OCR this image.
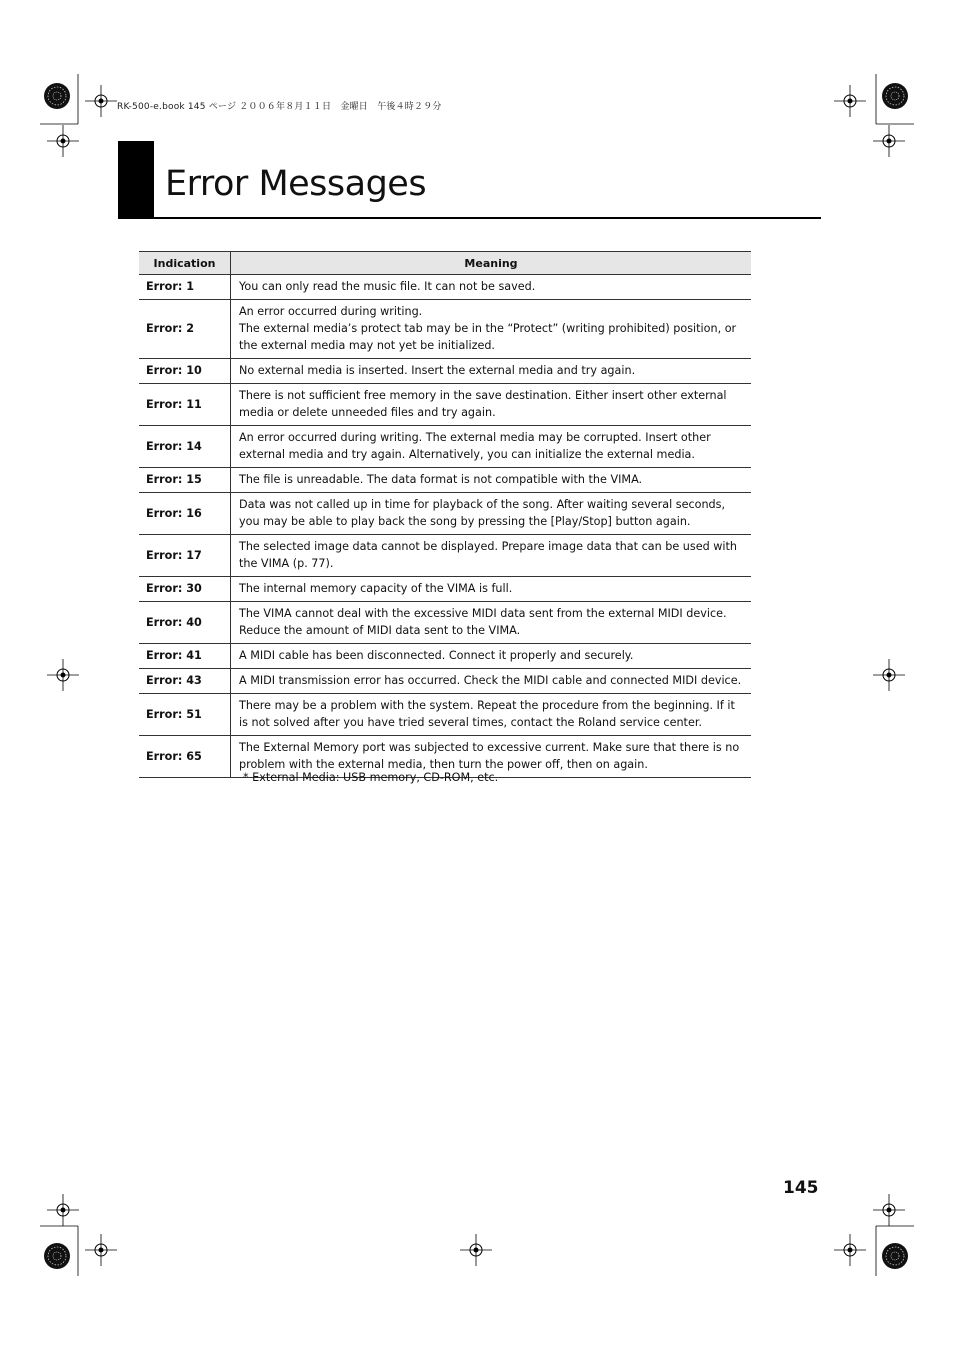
RK-500-e.book 145 ページ ２００６年８月１１日　金曜日　午後４時２９分
Error Messages
Indication	Meaning
Error: 1	You can only read the music file. It can not be saved.
Error: 2	An error occurred during writing.
The external media’s protect tab may be in the “Protect” (writing prohibited) position, or the external media may not yet be initialized.
Error: 10	No external media is inserted. Insert the external media and try again.
Error: 11	There is not sufficient free memory in the save destination. Either insert other external media or delete unneeded files and try again.
Error: 14	An error occurred during writing. The external media may be corrupted. Insert other external media and try again. Alternatively, you can initialize the external media.
Error: 15	The file is unreadable. The data format is not compatible with the VIMA.
Error: 16	Data was not called up in time for playback of the song. After waiting several seconds, you may be able to play back the song by pressing the [Play/Stop] button again.
Error: 17	The selected image data cannot be displayed. Prepare image data that can be used with the VIMA (p. 77).
Error: 30	The internal memory capacity of the VIMA is full.
Error: 40	The VIMA cannot deal with the excessive MIDI data sent from the external MIDI device. Reduce the amount of MIDI data sent to the VIMA.
Error: 41	A MIDI cable has been disconnected. Connect it properly and securely.
Error: 43	A MIDI transmission error has occurred. Check the MIDI cable and connected MIDI device.
Error: 51	There may be a problem with the system. Repeat the procedure from the beginning. If it is not solved after you have tried several times, contact the Roland service center.
Error: 65	The External Memory port was subjected to excessive current. Make sure that there is no problem with the external media, then turn the power off, then on again.
* External Media: USB memory, CD-ROM, etc.
145
